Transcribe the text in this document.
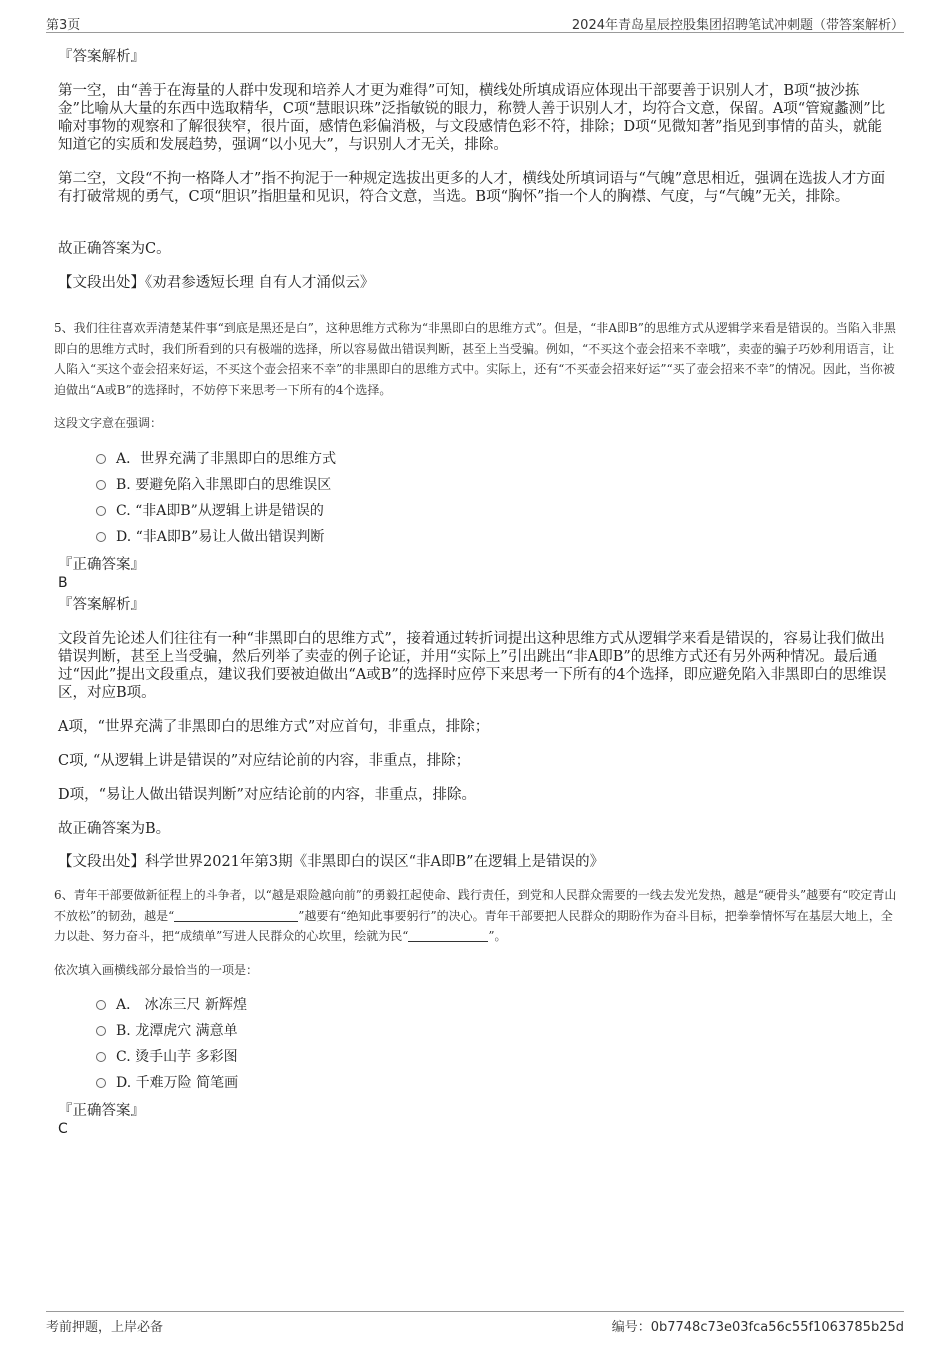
第3页	2024年青岛星辰控股集团招聘笔试冲刺题（带答案解析）
『答案解析』
第一空，由“善于在海量的人群中发现和培养人才更为难得”可知，横线处所填成语应体现出干部要善于识别人才，B项“披沙拣金”比喻从大量的东西中选取精华，C项“慧眼识珠”泛指敏锐的眼力，称赞人善于识别人才，均符合文意，保留。A项“管窥蠡测”比喻对事物的观察和了解很狭窄，很片面，感情色彩偏消极，与文段感情色彩不符，排除；D项“见微知著”指见到事情的苗头，就能知道它的实质和发展趋势，强调“以小见大”，与识别人才无关，排除。
第二空，文段“不拘一格降人才”指不拘泥于一种规定选拔出更多的人才，横线处所填词语与“气魄”意思相近，强调在选拔人才方面有打破常规的勇气，C项“胆识”指胆量和见识，符合文意，当选。B项“胸怀”指一个人的胸襟、气度，与“气魄”无关，排除。
故正确答案为C。
【文段出处】《劝君参透短长理 自有人才涌似云》
5、我们往往喜欢弄清楚某件事“到底是黑还是白”，这种思维方式称为“非黑即白的思维方式”。但是，“非A即B”的思维方式从逻辑学来看是错误的。当陷入非黑即白的思维方式时，我们所看到的只有极端的选择，所以容易做出错误判断，甚至上当受骗。例如，“不买这个壶会招来不幸哦”，卖壶的骗子巧妙利用语言，让人陷入“买这个壶会招来好运，不买这个壶会招来不幸”的非黑即白的思维方式中。实际上，还有“不买壶会招来好运”“买了壶会招来不幸”的情况。因此，当你被迫做出“A或B”的选择时，不妨停下来思考一下所有的4个选择。
这段文字意在强调：
A．世界充满了非黑即白的思维方式
B. 要避免陷入非黑即白的思维误区
C. “非A即B”从逻辑上讲是错误的
D. “非A即B”易让人做出错误判断
『正确答案』
B
『答案解析』
文段首先论述人们往往有一种“非黑即白的思维方式”，接着通过转折词提出这种思维方式从逻辑学来看是错误的，容易让我们做出错误判断，甚至上当受骗，然后列举了卖壶的例子论证，并用“实际上”引出跳出“非A即B”的思维方式还有另外两种情况。最后通过“因此”提出文段重点，建议我们要被迫做出“A或B”的选择时应停下来思考一下所有的4个选择，即应避免陷入非黑即白的思维误区，对应B项。
A项，“世界充满了非黑即白的思维方式”对应首句，非重点，排除；
C项, “从逻辑上讲是错误的”对应结论前的内容，非重点，排除；
D项，“易让人做出错误判断”对应结论前的内容，非重点，排除。
故正确答案为B。
【文段出处】科学世界2021年第3期《非黑即白的误区“非A即B”在逻辑上是错误的》
6、青年干部要做新征程上的斗争者，以“越是艰险越向前”的勇毅扛起使命、践行责任，到党和人民群众需要的一线去发光发热，越是“硬骨头”越要有“咬定青山不放松”的韧劲，越是“	”越要有“绝知此事要躬行”的决心。青年干部要把人民群众的期盼作为奋斗目标，把拳拳情怀写在基层大地上，全力以赴、努力奋斗，把“成绩单”写进人民群众的心坎里，绘就为民“	”。
依次填入画横线部分最恰当的一项是：
A． 冰冻三尺 新辉煌
B. 龙潭虎穴 满意单
C. 烫手山芋 多彩图
D. 千难万险 简笔画
『正确答案』
C
考前押题，上岸必备	编号：0b7748c73e03fca56c55f1063785b25d
